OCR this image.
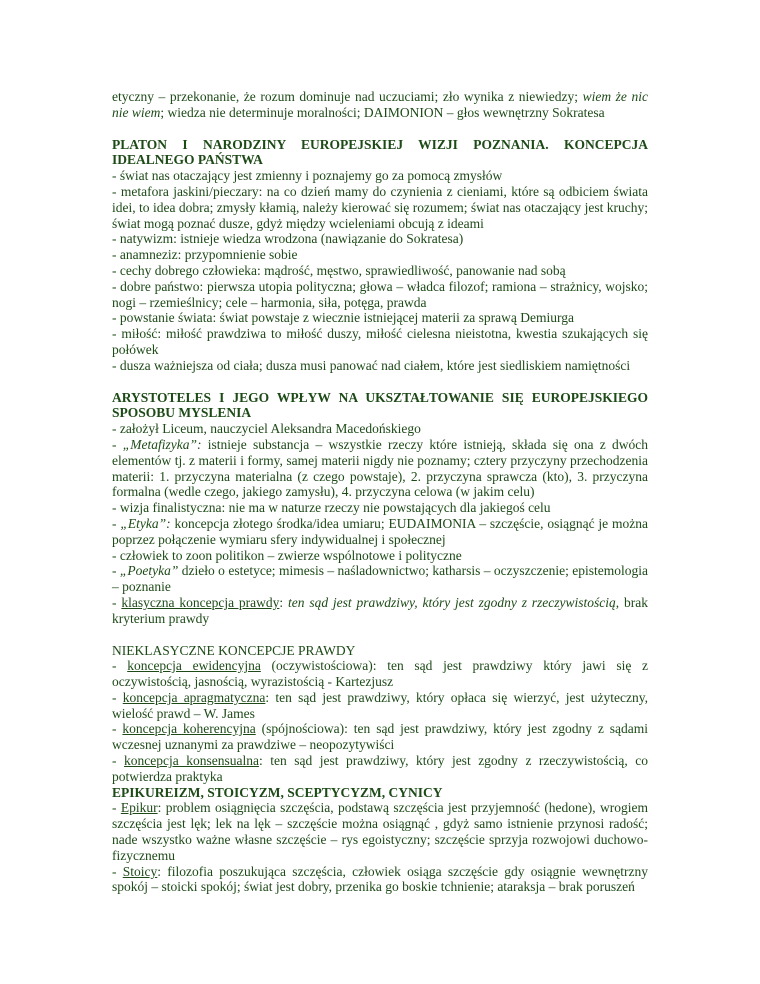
etyczny – przekonanie, że rozum dominuje nad uczuciami; zło wynika z niewiedzy; wiem że nic nie wiem; wiedza nie determinuje moralności; DAIMONION – głos wewnętrzny Sokratesa

PLATON I NARODZINY EUROPEJSKIEJ WIZJI POZNANIA. KONCEPCJA IDEALNEGO PAŃSTWA

- świat nas otaczający jest zmienny i poznajemy go za pomocą zmysłów

- metafora jaskini/pieczary: na co dzień mamy do czynienia z cieniami, które są odbiciem świata idei, to idea dobra; zmysły kłamią, należy kierować się rozumem; świat nas otaczający jest kruchy; świat mogą poznać dusze, gdyż między wcieleniami obcują z ideami

- natywizm: istnieje wiedza wrodzona (nawiązanie do Sokratesa)

- anamneziz: przypomnienie sobie

- cechy dobrego człowieka: mądrość, męstwo, sprawiedliwość, panowanie nad sobą

- dobre państwo: pierwsza utopia polityczna; głowa – władca filozof; ramiona – strażnicy, wojsko; nogi – rzemieślnicy; cele – harmonia, siła, potęga, prawda

- powstanie świata: świat powstaje z wiecznie istniejącej materii za sprawą Demiurga

- miłość: miłość prawdziwa to miłość duszy, miłość cielesna nieistotna, kwestia szukających się połówek

- dusza ważniejsza od ciała; dusza musi panować nad ciałem, które jest siedliskiem namiętności

ARYSTOTELES I JEGO WPŁYW NA UKSZTAŁTOWANIE SIĘ EUROPEJSKIEGO SPOSOBU MYSLENIA

- założył Liceum, nauczyciel Aleksandra Macedońskiego

- „Metafizyka”: istnieje substancja – wszystkie rzeczy które istnieją, składa się ona z dwóch elementów tj. z materii i formy, samej materii nigdy nie poznamy; cztery przyczyny przechodzenia materii: 1. przyczyna materialna (z czego powstaje), 2. przyczyna sprawcza (kto), 3. przyczyna formalna (wedle czego, jakiego zamysłu), 4. przyczyna celowa (w jakim celu)

- wizja finalistyczna: nie ma w naturze rzeczy nie powstających dla jakiegoś celu

- „Etyka”: koncepcja złotego środka/idea umiaru; EUDAIMONIA – szczęście, osiągnąć je można poprzez połączenie wymiaru sfery indywidualnej i społecznej

- człowiek to zoon politikon – zwierze wspólnotowe i polityczne

- „Poetyka” dzieło o estetyce; mimesis – naśladownictwo; katharsis – oczyszczenie; epistemologia – poznanie

- klasyczna koncepcja prawdy: ten sąd jest prawdziwy, który jest zgodny z rzeczywistością, brak kryterium prawdy

NIEKLASYCZNE KONCEPCJE PRAWDY

- koncepcja ewidencyjna (oczywistościowa): ten sąd jest prawdziwy który jawi się z oczywistością, jasnością, wyrazistością - Kartezjusz

- koncepcja apragmatyczna: ten sąd jest prawdziwy, który opłaca się wierzyć, jest użyteczny, wielość prawd – W. James

- koncepcja koherencyjna (spójnościowa): ten sąd jest prawdziwy, który jest zgodny z sądami wczesnej uznanymi za prawdziwe – neopozytywiści

- koncepcja konsensualna: ten sąd jest prawdziwy, który jest zgodny z rzeczywistością, co potwierdza praktyka

EPIKUREIZM, STOICYZM, SCEPTYCYZM, CYNICY

- Epikur: problem osiągnięcia szczęścia, podstawą szczęścia jest przyjemność (hedone), wrogiem szczęścia jest lęk; lek na lęk – szczęście można osiągnąć , gdyż samo istnienie przynosi radość; nade wszystko ważne własne szczęście – rys egoistyczny; szczęście sprzyja rozwojowi duchowo-fizycznemu

- Stoicy: filozofia poszukująca szczęścia, człowiek osiąga szczęście gdy osiągnie wewnętrzny spokój – stoicki spokój; świat jest dobry, przenika go boskie tchnienie; ataraksja – brak poruszeń
